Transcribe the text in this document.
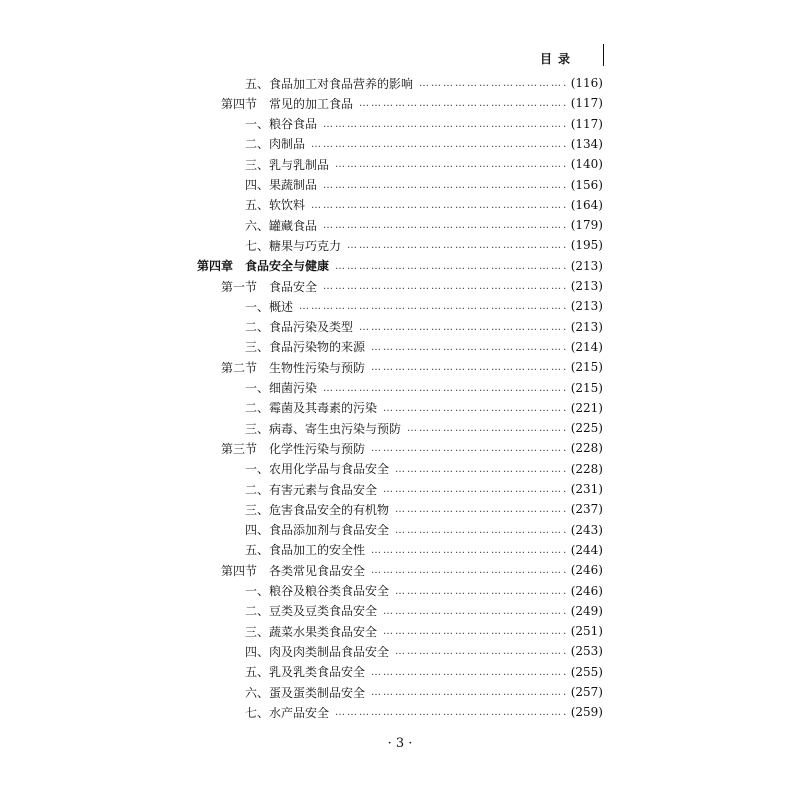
目录
五、食品加工对食品营养的影响 ……………………………………………………………………………………………………………………………………………………………………	(116)
第四节　常见的加工食品 ……………………………………………………………………………………………………………………………………………………………………	(117)
一、粮谷食品 ……………………………………………………………………………………………………………………………………………………………………	(117)
二、肉制品 ……………………………………………………………………………………………………………………………………………………………………	(134)
三、乳与乳制品 ……………………………………………………………………………………………………………………………………………………………………	(140)
四、果蔬制品 ……………………………………………………………………………………………………………………………………………………………………	(156)
五、软饮料 ……………………………………………………………………………………………………………………………………………………………………	(164)
六、罐藏食品 ……………………………………………………………………………………………………………………………………………………………………	(179)
七、糖果与巧克力 ……………………………………………………………………………………………………………………………………………………………………	(195)
第四章　食品安全与健康 ……………………………………………………………………………………………………………………………………………………………………	(213)
第一节　食品安全 ……………………………………………………………………………………………………………………………………………………………………	(213)
一、概述 ……………………………………………………………………………………………………………………………………………………………………	(213)
二、食品污染及类型 ……………………………………………………………………………………………………………………………………………………………………	(213)
三、食品污染物的来源 ……………………………………………………………………………………………………………………………………………………………………	(214)
第二节　生物性污染与预防 ……………………………………………………………………………………………………………………………………………………………………	(215)
一、细菌污染 ……………………………………………………………………………………………………………………………………………………………………	(215)
二、霉菌及其毒素的污染 ……………………………………………………………………………………………………………………………………………………………………	(221)
三、病毒、寄生虫污染与预防 ……………………………………………………………………………………………………………………………………………………………………	(225)
第三节　化学性污染与预防 ……………………………………………………………………………………………………………………………………………………………………	(228)
一、农用化学品与食品安全 ……………………………………………………………………………………………………………………………………………………………………	(228)
二、有害元素与食品安全 ……………………………………………………………………………………………………………………………………………………………………	(231)
三、危害食品安全的有机物 ……………………………………………………………………………………………………………………………………………………………………	(237)
四、食品添加剂与食品安全 ……………………………………………………………………………………………………………………………………………………………………	(243)
五、食品加工的安全性 ……………………………………………………………………………………………………………………………………………………………………	(244)
第四节　各类常见食品安全 ……………………………………………………………………………………………………………………………………………………………………	(246)
一、粮谷及粮谷类食品安全 ……………………………………………………………………………………………………………………………………………………………………	(246)
二、豆类及豆类食品安全 ……………………………………………………………………………………………………………………………………………………………………	(249)
三、蔬菜水果类食品安全 ……………………………………………………………………………………………………………………………………………………………………	(251)
四、肉及肉类制品食品安全 ……………………………………………………………………………………………………………………………………………………………………	(253)
五、乳及乳类食品安全 ……………………………………………………………………………………………………………………………………………………………………	(255)
六、蛋及蛋类制品安全 ……………………………………………………………………………………………………………………………………………………………………	(257)
七、水产品安全 ……………………………………………………………………………………………………………………………………………………………………	(259)
· 3 ·
